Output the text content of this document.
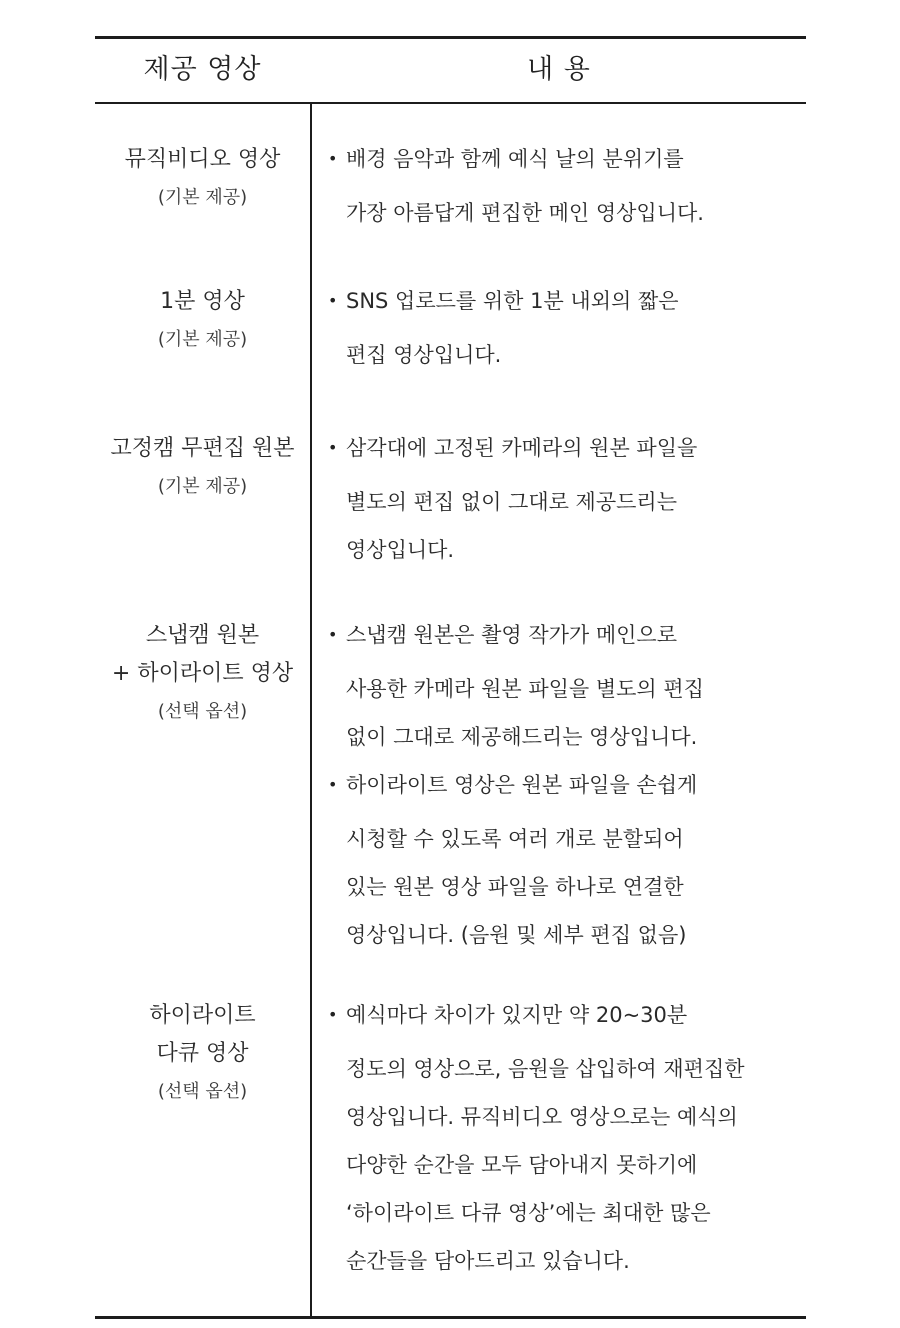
제공 영상	내 용
뮤직비디오 영상
(기본 제공)
• 배경 음악과 함께 예식 날의 분위기를
가장 아름답게 편집한 메인 영상입니다.
1분 영상
(기본 제공)
• SNS 업로드를 위한 1분 내외의 짧은
편집 영상입니다.
고정캠 무편집 원본
(기본 제공)
• 삼각대에 고정된 카메라의 원본 파일을
별도의 편집 없이 그대로 제공드리는
영상입니다.
스냅캠 원본
+ 하이라이트 영상
(선택 옵션)
• 스냅캠 원본은 촬영 작가가 메인으로
사용한 카메라 원본 파일을 별도의 편집
없이 그대로 제공해드리는 영상입니다.
• 하이라이트 영상은 원본 파일을 손쉽게
시청할 수 있도록 여러 개로 분할되어
있는 원본 영상 파일을 하나로 연결한
영상입니다. (음원 및 세부 편집 없음)
하이라이트
다큐 영상
(선택 옵션)
• 예식마다 차이가 있지만 약 20~30분
정도의 영상으로, 음원을 삽입하여 재편집한
영상입니다. 뮤직비디오 영상으로는 예식의
다양한 순간을 모두 담아내지 못하기에
‘하이라이트 다큐 영상’에는 최대한 많은
순간들을 담아드리고 있습니다.
